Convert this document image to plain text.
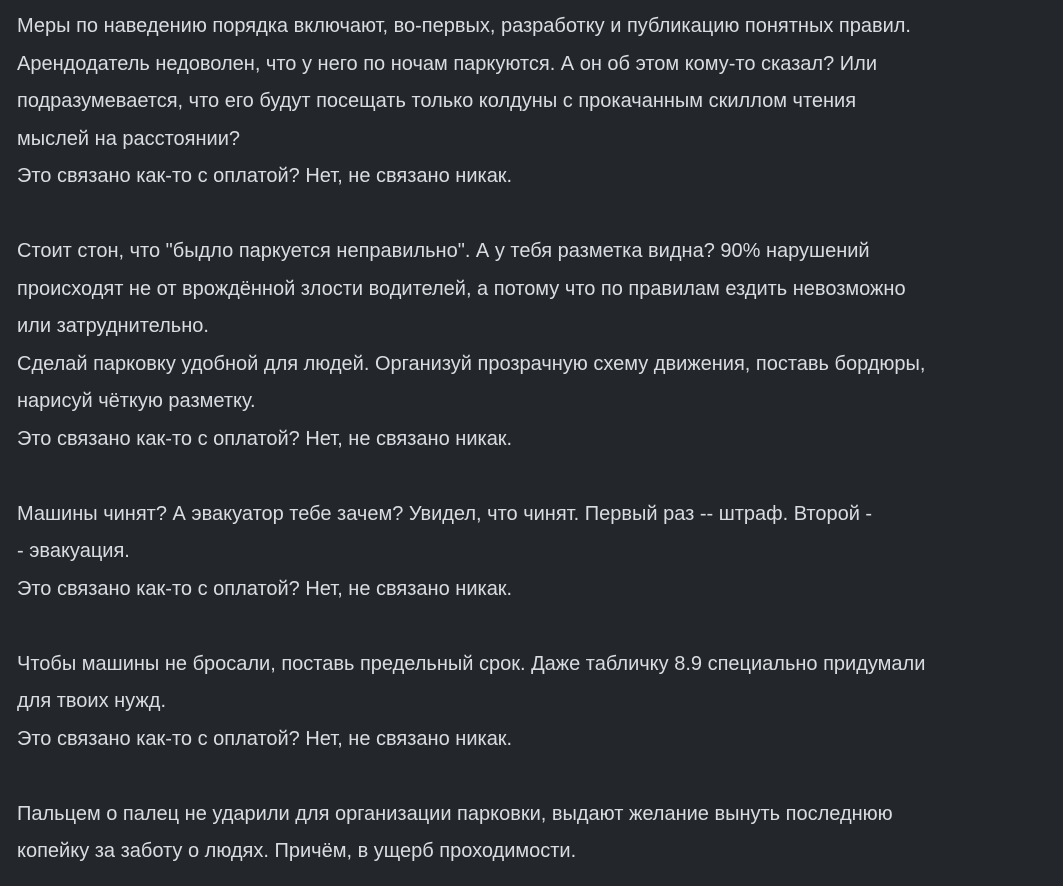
Меры по наведению порядка включают, во-первых, разработку и публикацию понятных правил.
Арендодатель недоволен, что у него по ночам паркуются. А он об этом кому-то сказал? Или
подразумевается, что его будут посещать только колдуны с прокачанным скиллом чтения
мыслей на расстоянии?
Это связано как-то с оплатой? Нет, не связано никак.
Стоит стон, что "быдло паркуется неправильно". А у тебя разметка видна? 90% нарушений
происходят не от врождённой злости водителей, а потому что по правилам ездить невозможно
или затруднительно.
Сделай парковку удобной для людей. Организуй прозрачную схему движения, поставь бордюры,
нарисуй чёткую разметку.
Это связано как-то с оплатой? Нет, не связано никак.
Машины чинят? А эвакуатор тебе зачем? Увидел, что чинят. Первый раз -- штраф. Второй -
- эвакуация.
Это связано как-то с оплатой? Нет, не связано никак.
Чтобы машины не бросали, поставь предельный срок. Даже табличку 8.9 специально придумали
для твоих нужд.
Это связано как-то с оплатой? Нет, не связано никак.
Пальцем о палец не ударили для организации парковки, выдают желание вынуть последнюю
копейку за заботу о людях. Причём, в ущерб проходимости.
